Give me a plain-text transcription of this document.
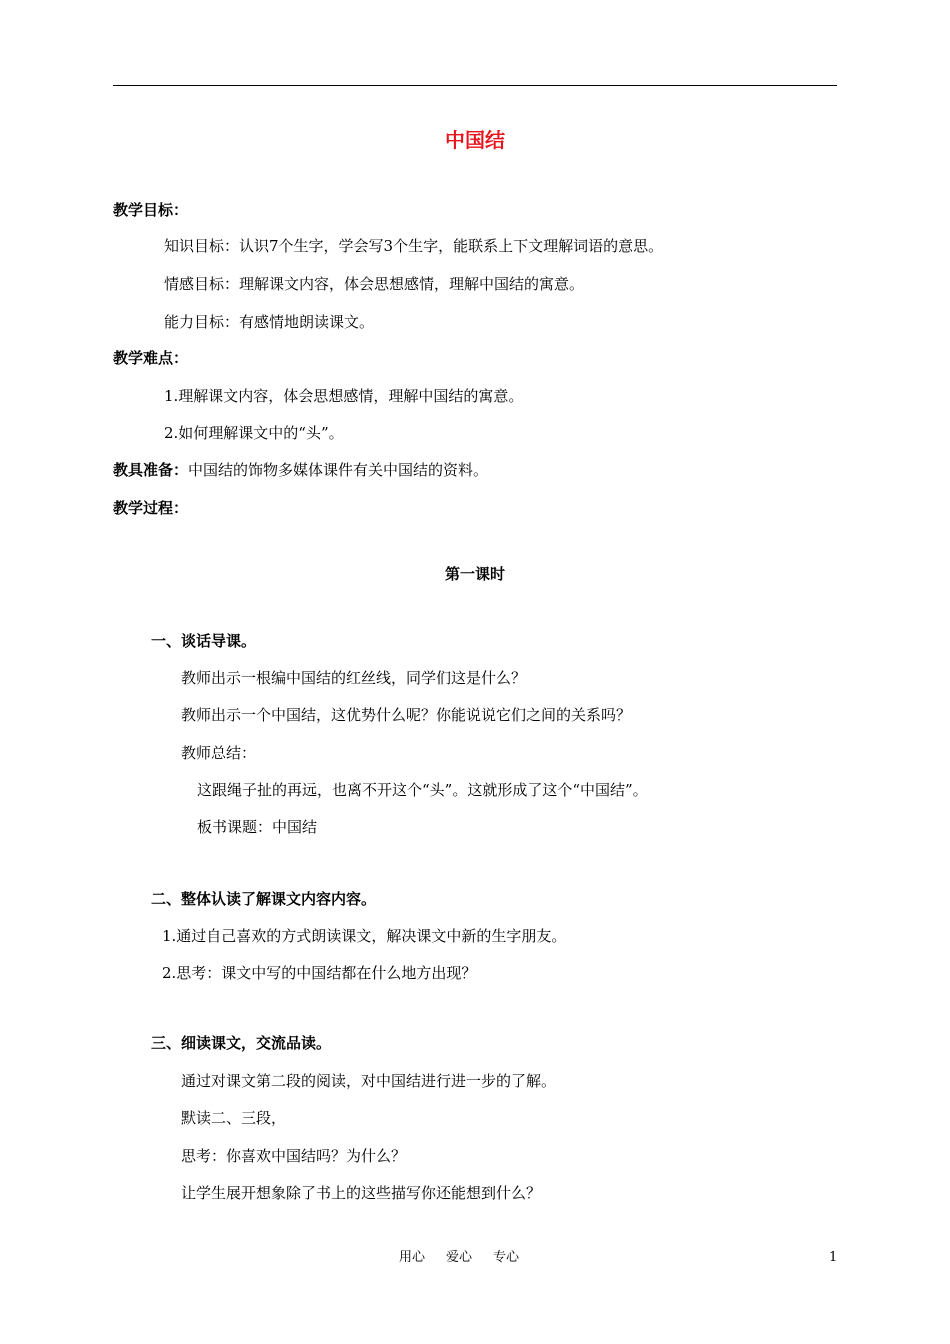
中国结
教学目标：
知识目标：认识7个生字，学会写3个生字，能联系上下文理解词语的意思。
情感目标：理解课文内容，体会思想感情，理解中国结的寓意。
能力目标：有感情地朗读课文。
教学难点：
1.理解课文内容，体会思想感情，理解中国结的寓意。
2.如何理解课文中的“头”。
教具准备：中国结的饰物多媒体课件有关中国结的资料。
教学过程：
第一课时
一、谈话导课。
教师出示一根编中国结的红丝线，同学们这是什么？
教师出示一个中国结，这优势什么呢？你能说说它们之间的关系吗？
教师总结：
这跟绳子扯的再远，也离不开这个“头”。这就形成了这个“中国结”。
板书课题：中国结
二、整体认读了解课文内容内容。
1.通过自己喜欢的方式朗读课文，解决课文中新的生字朋友。
2.思考：课文中写的中国结都在什么地方出现？
三、细读课文，交流品读。
通过对课文第二段的阅读，对中国结进行进一步的了解。
默读二、三段，
思考：你喜欢中国结吗？为什么？
让学生展开想象除了书上的这些描写你还能想到什么？
用心 爱心 专心	1
